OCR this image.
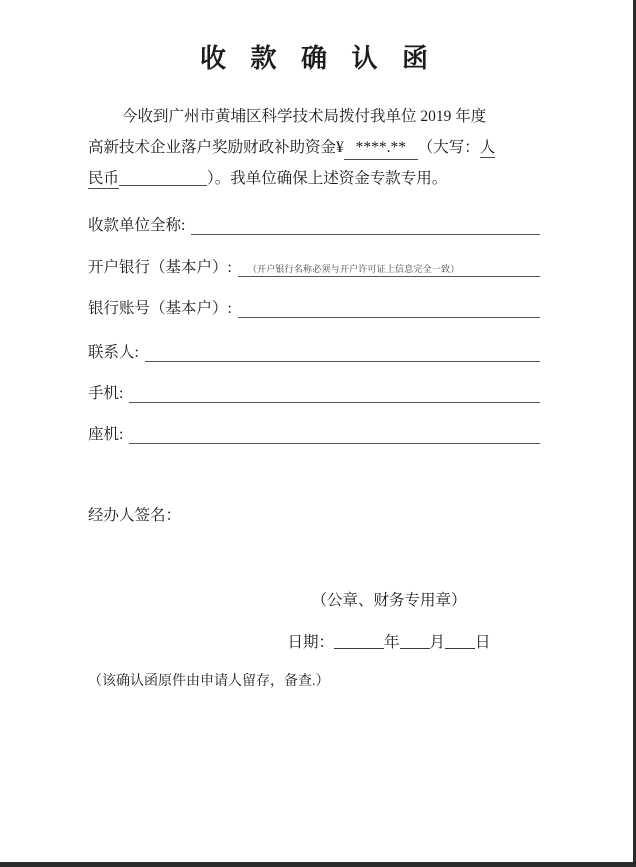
收 款 确 认 函

今收到广州市黄埔区科学技术局拨付我单位 2019 年度

高新技术企业落户奖励财政补助资金¥ ****.** （大写：人

民币	）。我单位确保上述资金专款专用。

收款单位全称:
开户银行（基本户）:	（开户银行名称必须与开户许可证上信息完全一致）
银行账号（基本户）:
联系人:
手机:
座机:
经办人签名：
（公章、财务专用章）
日期：	年 月 日
（该确认函原件由申请人留存，备查.）
